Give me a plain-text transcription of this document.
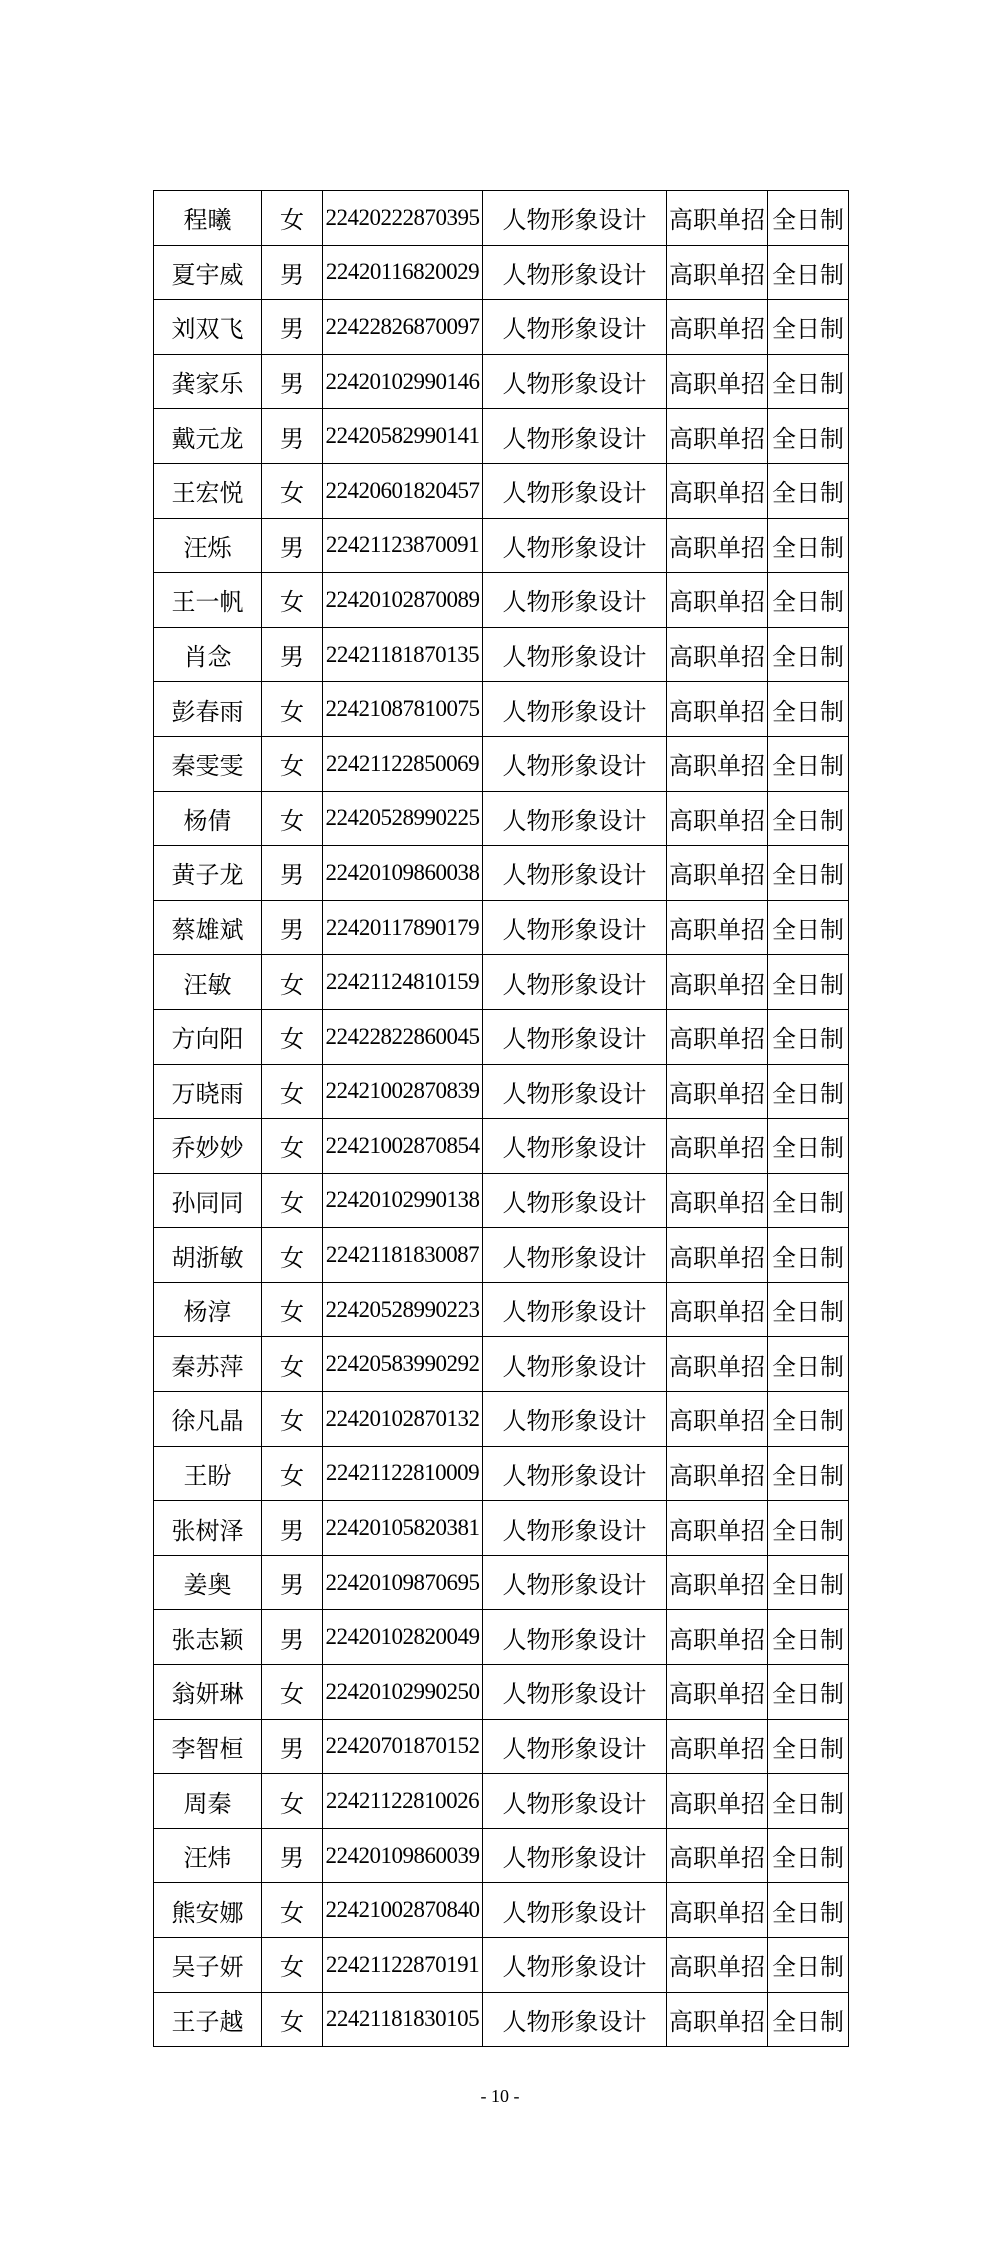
程曦	女	22420222870395	人物形象设计	高职单招	全日制
夏宇威	男	22420116820029	人物形象设计	高职单招	全日制
刘双飞	男	22422826870097	人物形象设计	高职单招	全日制
龚家乐	男	22420102990146	人物形象设计	高职单招	全日制
戴元龙	男	22420582990141	人物形象设计	高职单招	全日制
王宏悦	女	22420601820457	人物形象设计	高职单招	全日制
汪烁	男	22421123870091	人物形象设计	高职单招	全日制
王一帆	女	22420102870089	人物形象设计	高职单招	全日制
肖念	男	22421181870135	人物形象设计	高职单招	全日制
彭春雨	女	22421087810075	人物形象设计	高职单招	全日制
秦雯雯	女	22421122850069	人物形象设计	高职单招	全日制
杨倩	女	22420528990225	人物形象设计	高职单招	全日制
黄子龙	男	22420109860038	人物形象设计	高职单招	全日制
蔡雄斌	男	22420117890179	人物形象设计	高职单招	全日制
汪敏	女	22421124810159	人物形象设计	高职单招	全日制
方向阳	女	22422822860045	人物形象设计	高职单招	全日制
万晓雨	女	22421002870839	人物形象设计	高职单招	全日制
乔妙妙	女	22421002870854	人物形象设计	高职单招	全日制
孙同同	女	22420102990138	人物形象设计	高职单招	全日制
胡浙敏	女	22421181830087	人物形象设计	高职单招	全日制
杨淳	女	22420528990223	人物形象设计	高职单招	全日制
秦苏萍	女	22420583990292	人物形象设计	高职单招	全日制
徐凡晶	女	22420102870132	人物形象设计	高职单招	全日制
王盼	女	22421122810009	人物形象设计	高职单招	全日制
张树泽	男	22420105820381	人物形象设计	高职单招	全日制
姜奥	男	22420109870695	人物形象设计	高职单招	全日制
张志颖	男	22420102820049	人物形象设计	高职单招	全日制
翁妍琳	女	22420102990250	人物形象设计	高职单招	全日制
李智桓	男	22420701870152	人物形象设计	高职单招	全日制
周秦	女	22421122810026	人物形象设计	高职单招	全日制
汪炜	男	22420109860039	人物形象设计	高职单招	全日制
熊安娜	女	22421002870840	人物形象设计	高职单招	全日制
吴子妍	女	22421122870191	人物形象设计	高职单招	全日制
王子越	女	22421181830105	人物形象设计	高职单招	全日制
- 10 -
